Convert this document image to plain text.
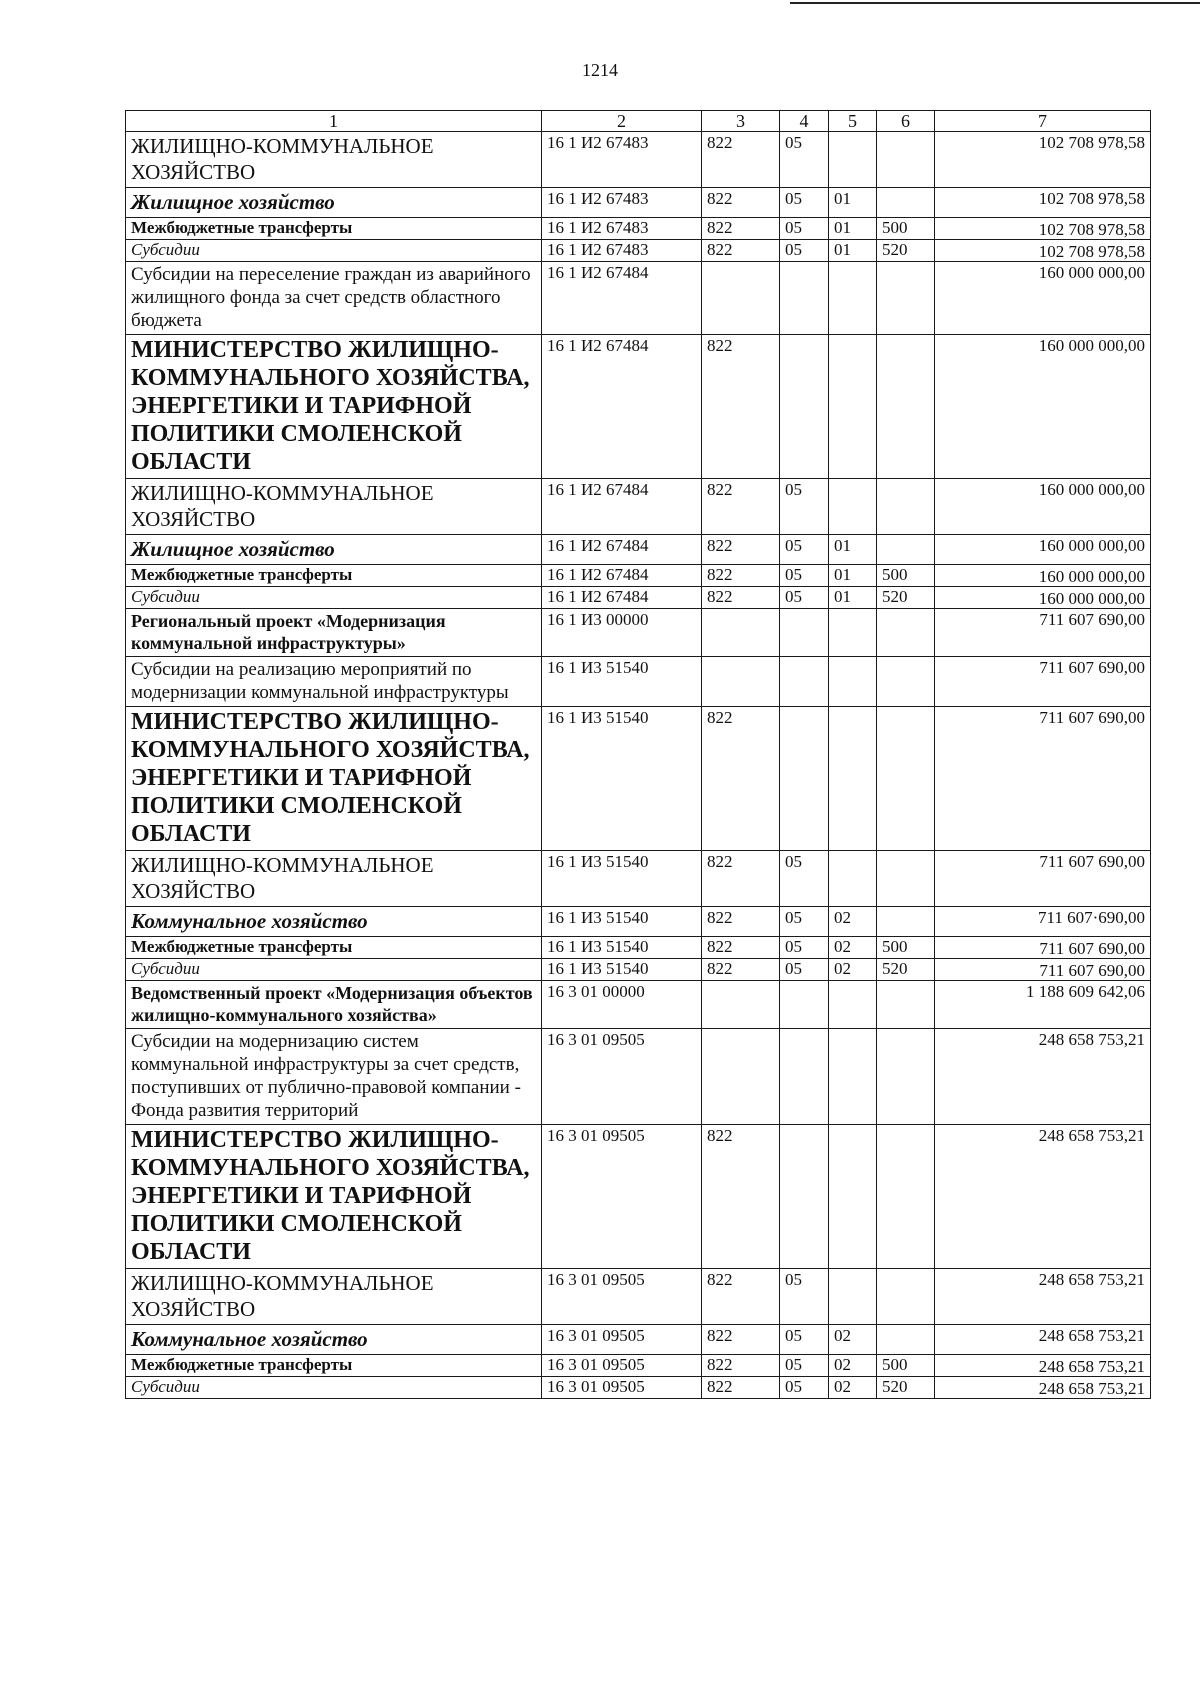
1214
1	2	3	4	5	6	7
ЖИЛИЩНО-КОММУНАЛЬНОЕ ХОЗЯЙСТВО	16 1 И2 67483	822	05			102 708 978,58
Жилищное хозяйство	16 1 И2 67483	822	05	01		102 708 978,58
Межбюджетные трансферты	16 1 И2 67483	822	05	01	500	102 708 978,58
Субсидии	16 1 И2 67483	822	05	01	520	102 708 978,58
Субсидии на переселение граждан из аварийного жилищного фонда за счет средств областного бюджета	16 1 И2 67484					160 000 000,00
МИНИСТЕРСТВО ЖИЛИЩНО-КОММУНАЛЬНОГО ХОЗЯЙСТВА, ЭНЕРГЕТИКИ И ТАРИФНОЙ ПОЛИТИКИ СМОЛЕНСКОЙ ОБЛАСТИ	16 1 И2 67484	822				160 000 000,00
ЖИЛИЩНО-КОММУНАЛЬНОЕ ХОЗЯЙСТВО	16 1 И2 67484	822	05			160 000 000,00
Жилищное хозяйство	16 1 И2 67484	822	05	01		160 000 000,00
Межбюджетные трансферты	16 1 И2 67484	822	05	01	500	160 000 000,00
Субсидии	16 1 И2 67484	822	05	01	520	160 000 000,00
Региональный проект «Модернизация коммунальной инфраструктуры»	16 1 И3 00000					711 607 690,00
Субсидии на реализацию мероприятий по модернизации коммунальной инфраструктуры	16 1 И3 51540					711 607 690,00
МИНИСТЕРСТВО ЖИЛИЩНО-КОММУНАЛЬНОГО ХОЗЯЙСТВА, ЭНЕРГЕТИКИ И ТАРИФНОЙ ПОЛИТИКИ СМОЛЕНСКОЙ ОБЛАСТИ	16 1 И3 51540	822				711 607 690,00
ЖИЛИЩНО-КОММУНАЛЬНОЕ ХОЗЯЙСТВО	16 1 И3 51540	822	05			711 607 690,00
Коммунальное хозяйство	16 1 И3 51540	822	05	02		711 607·690,00
Межбюджетные трансферты	16 1 И3 51540	822	05	02	500	711 607 690,00
Субсидии	16 1 И3 51540	822	05	02	520	711 607 690,00
Ведомственный проект «Модернизация объектов жилищно-коммунального хозяйства»	16 3 01 00000					1 188 609 642,06
Субсидии на модернизацию систем коммунальной инфраструктуры за счет средств, поступивших от публично-правовой компании - Фонда развития территорий	16 3 01 09505					248 658 753,21
МИНИСТЕРСТВО ЖИЛИЩНО-КОММУНАЛЬНОГО ХОЗЯЙСТВА, ЭНЕРГЕТИКИ И ТАРИФНОЙ ПОЛИТИКИ СМОЛЕНСКОЙ ОБЛАСТИ	16 3 01 09505	822				248 658 753,21
ЖИЛИЩНО-КОММУНАЛЬНОЕ ХОЗЯЙСТВО	16 3 01 09505	822	05			248 658 753,21
Коммунальное хозяйство	16 3 01 09505	822	05	02		248 658 753,21
Межбюджетные трансферты	16 3 01 09505	822	05	02	500	248 658 753,21
Субсидии	16 3 01 09505	822	05	02	520	248 658 753,21
